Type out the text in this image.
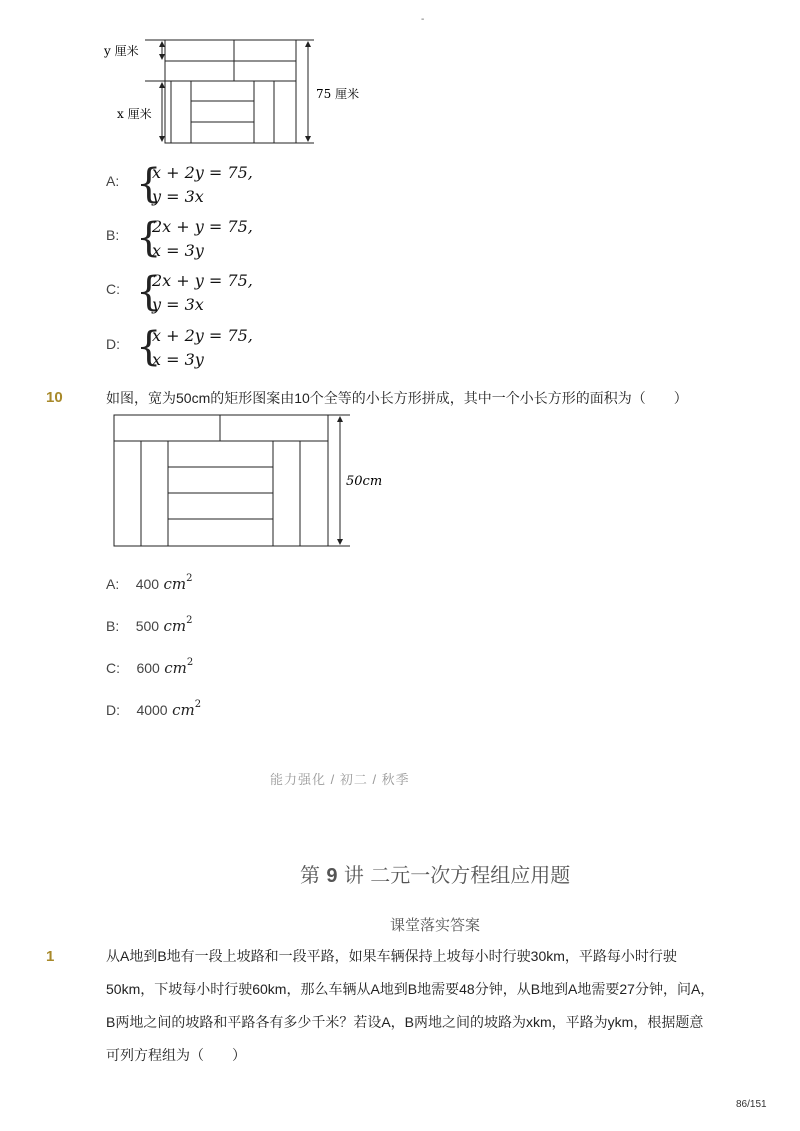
-
y 厘米
x 厘米
75 厘米
A: {
x + 2y = 75,
y = 3x
B: {
2x + y = 75,
x = 3y
C: {
2x + y = 75,
y = 3x
D: {
x + 2y = 75,
x = 3y
10	如图，宽为50cm的矩形图案由10个全等的小长方形拼成，其中一个小长方形的面积为（　　）
50cm
A: 400 $cm^2$
B: 500 $cm^2$
C: 600 $cm^2$
D: 4000 $cm^2$
能力强化 / 初二 / 秋季
第 9 讲 二元一次方程组应用题
课堂落实答案
1	从A地到B地有一段上坡路和一段平路，如果车辆保持上坡每小时行驶30km，平路每小时行驶50km，下坡每小时行驶60km，那么车辆从A地到B地需要48分钟，从B地到A地需要27分钟，问A，B两地之间的坡路和平路各有多少千米？若设A，B两地之间的坡路为xkm，平路为ykm，根据题意可列方程组为（　　）
86/151
